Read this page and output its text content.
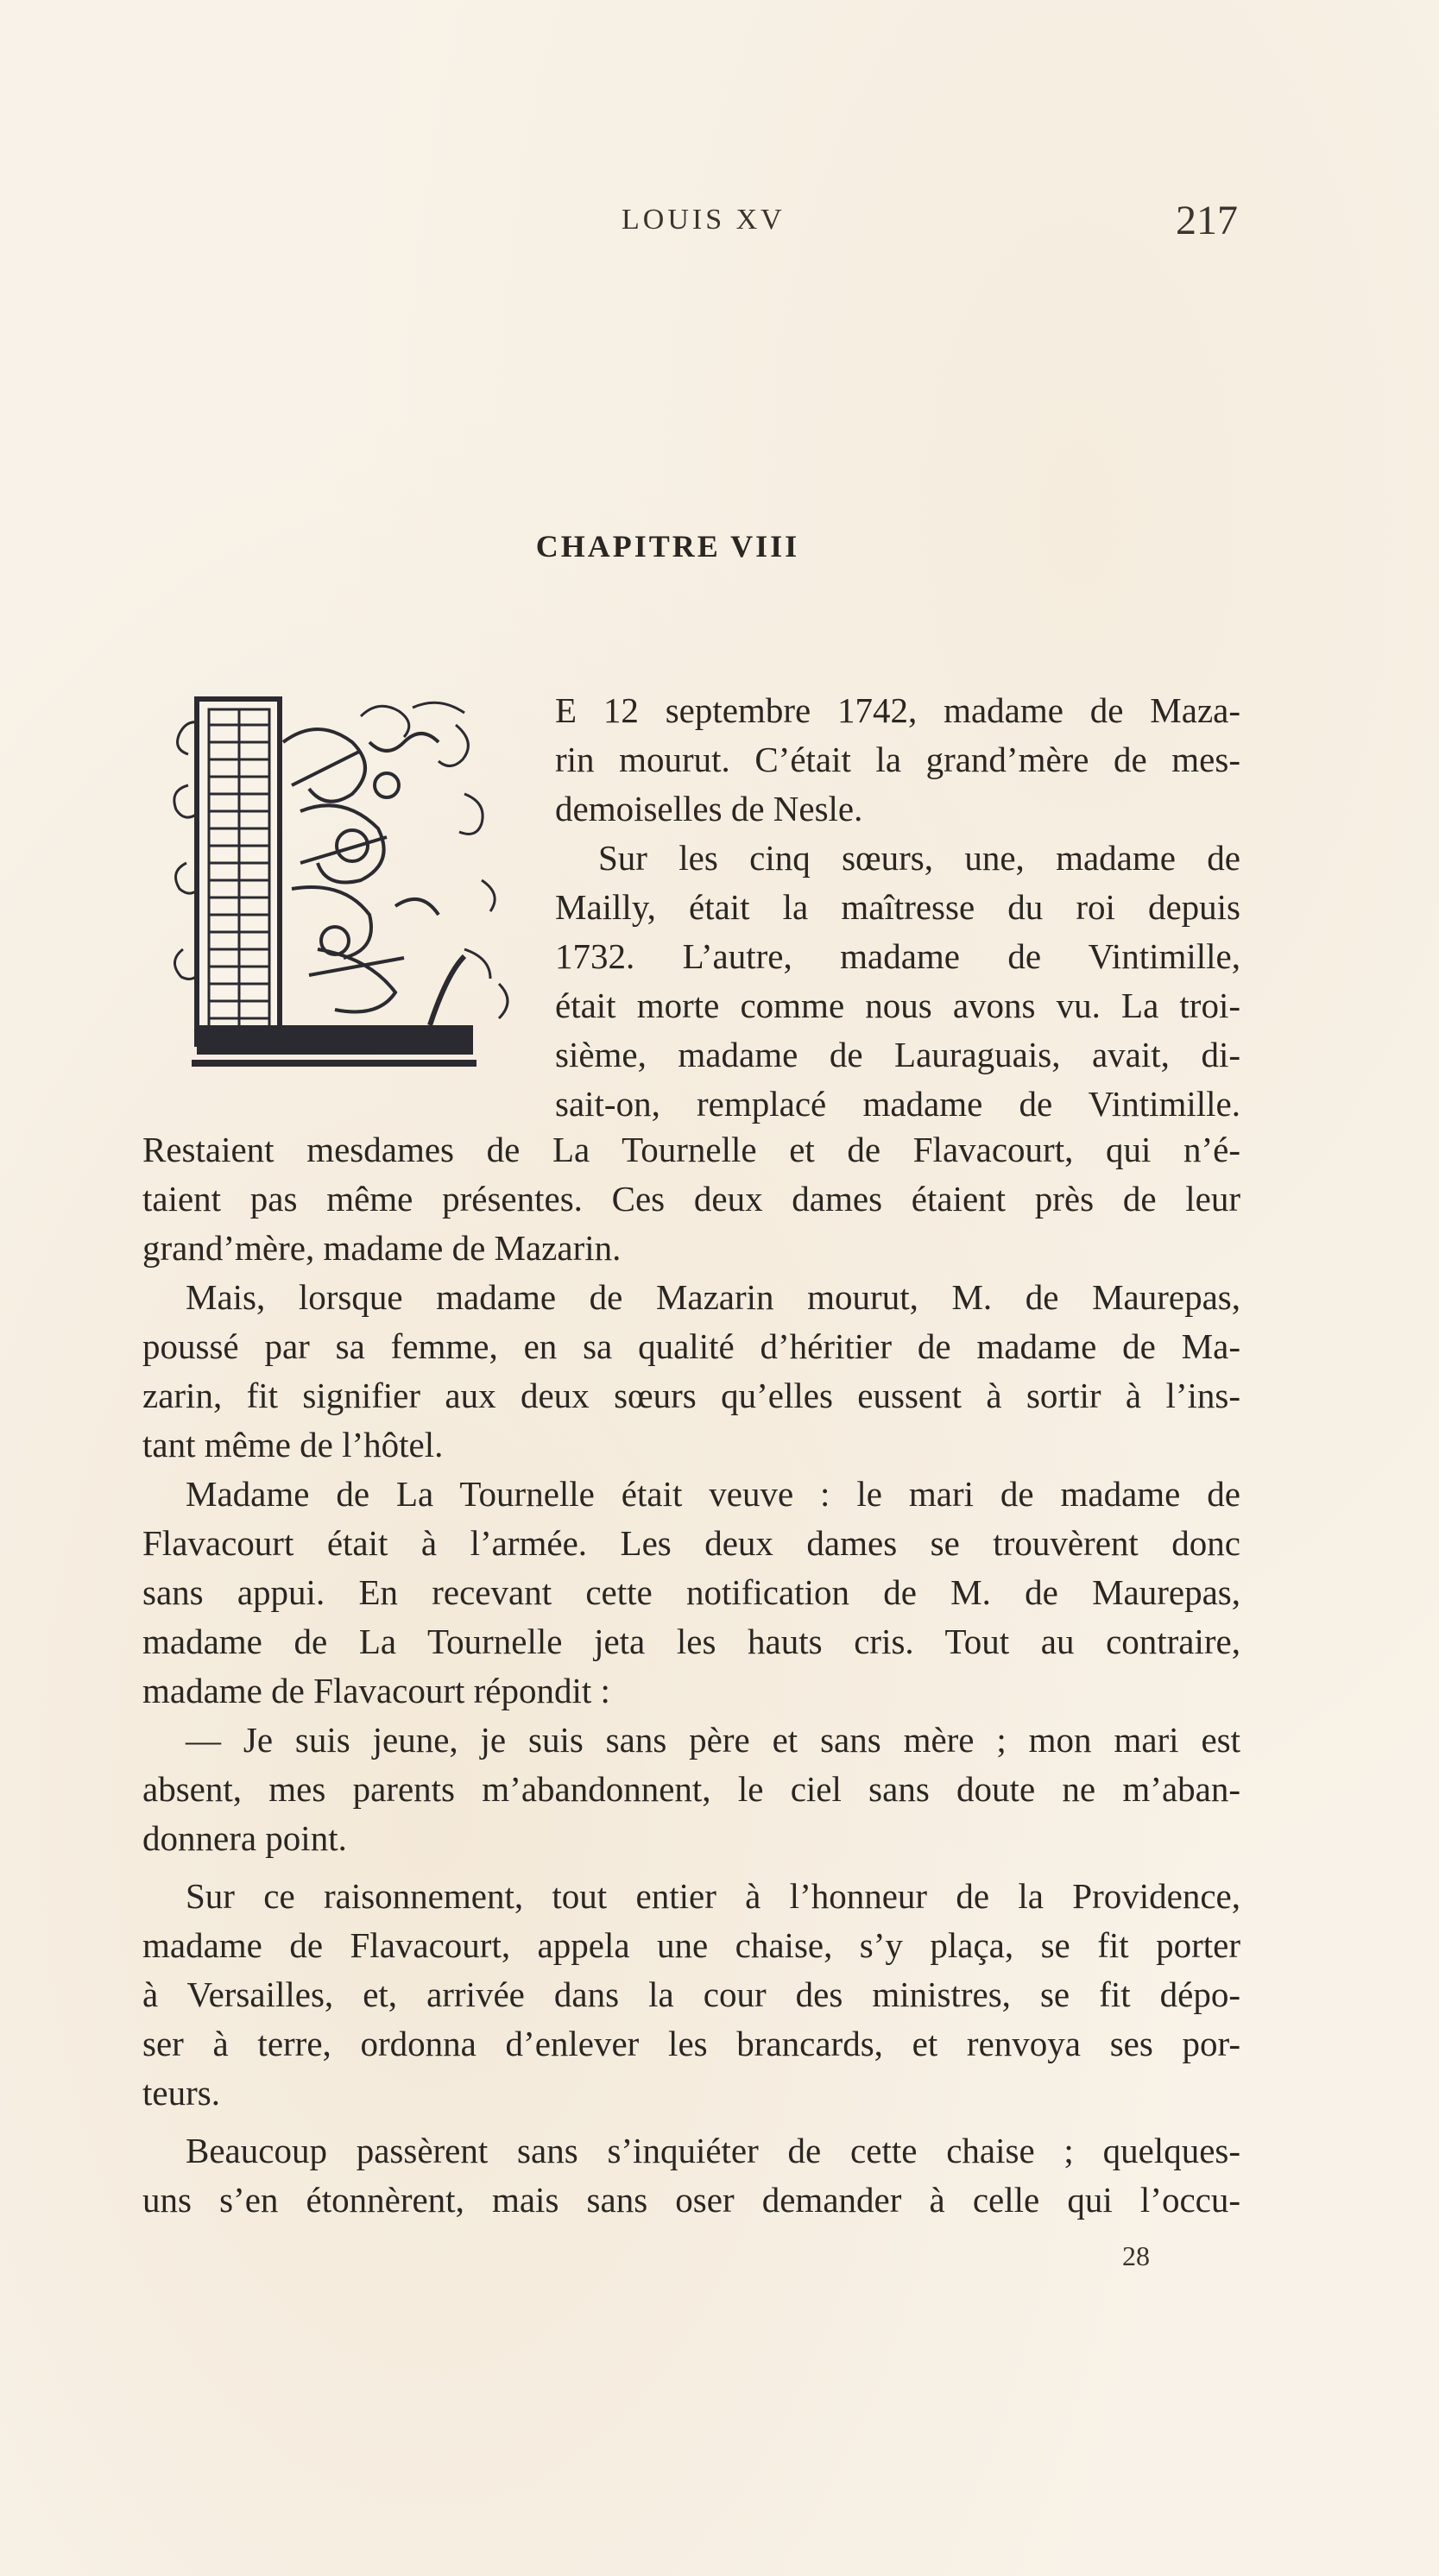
LOUIS XV	217
CHAPITRE VIII
E 12 septembre 1742, madame de Maza-
rin mourut. C’était la grand’mère de mes-
demoiselles de Nesle.
Sur les cinq sœurs, une, madame de
Mailly, était la maîtresse du roi depuis
1732. L’autre, madame de Vintimille,
était morte comme nous avons vu. La troi-
sième, madame de Lauraguais, avait, di-
sait-on, remplacé madame de Vintimille.
Restaient mesdames de La Tournelle et de Flavacourt, qui n’é-
taient pas même présentes. Ces deux dames étaient près de leur
grand’mère, madame de Mazarin.
Mais, lorsque madame de Mazarin mourut, M. de Maurepas,
poussé par sa femme, en sa qualité d’héritier de madame de Ma-
zarin, fit signifier aux deux sœurs qu’elles eussent à sortir à l’ins-
tant même de l’hôtel.
Madame de La Tournelle était veuve : le mari de madame de
Flavacourt était à l’armée. Les deux dames se trouvèrent donc
sans appui. En recevant cette notification de M. de Maurepas,
madame de La Tournelle jeta les hauts cris. Tout au contraire,
madame de Flavacourt répondit :
— Je suis jeune, je suis sans père et sans mère ; mon mari est
absent, mes parents m’abandonnent, le ciel sans doute ne m’aban-
donnera point.
Sur ce raisonnement, tout entier à l’honneur de la Providence,
madame de Flavacourt, appela une chaise, s’y plaça, se fit porter
à Versailles, et, arrivée dans la cour des ministres, se fit dépo-
ser à terre, ordonna d’enlever les brancards, et renvoya ses por-
teurs.
Beaucoup passèrent sans s’inquiéter de cette chaise ; quelques-
uns s’en étonnèrent, mais sans oser demander à celle qui l’occu-
28
